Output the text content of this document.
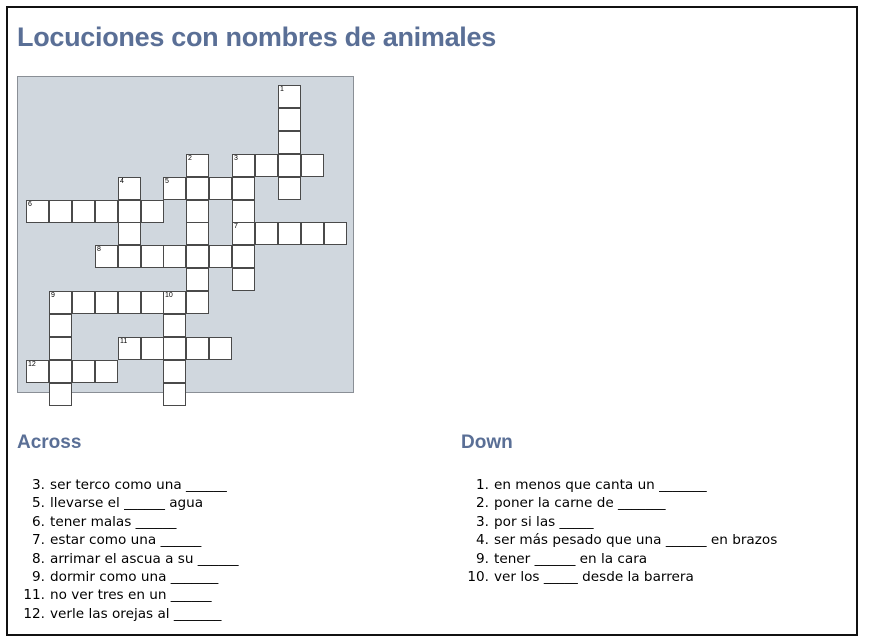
Locuciones con nombres de animales
1
2	3
4	5
6
7
8
9	10
11
12
Across
3. ser terco como una ______
5. llevarse el ______ agua
6. tener malas ______
7. estar como una ______
8. arrimar el ascua a su ______
9. dormir como una _______
11. no ver tres en un ______
12. verle las orejas al _______
Down
1. en menos que canta un _______
2. poner la carne de _______
3. por si las _____
4. ser más pesado que una ______ en brazos
9. tener ______ en la cara
10. ver los _____ desde la barrera
